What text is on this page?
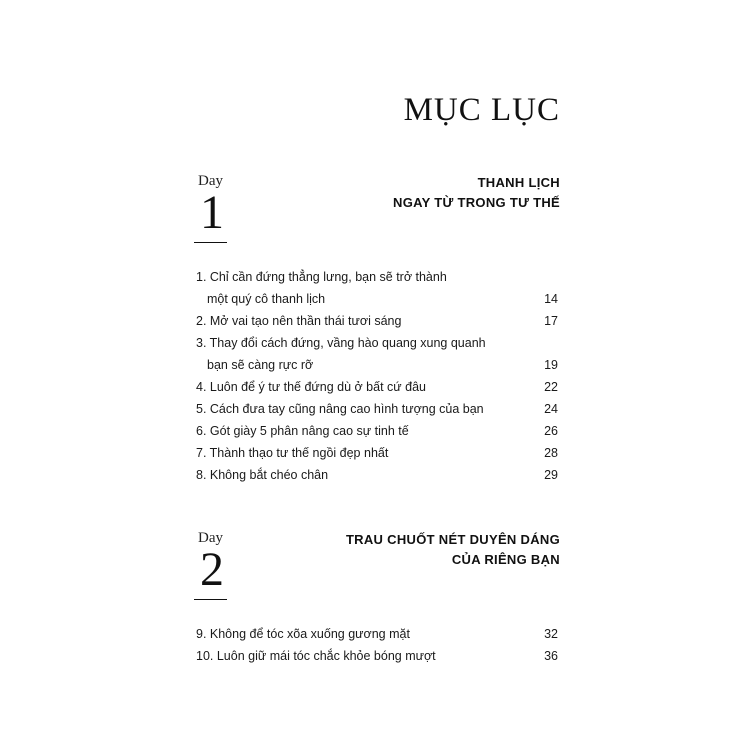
MỤC LỤC
Day
1
THANH LỊCH
NGAY TỪ TRONG TƯ THẾ
1. Chỉ cần đứng thẳng lưng, bạn sẽ trở thành
một quý cô thanh lịch	14
2. Mở vai tạo nên thần thái tươi sáng	17
3. Thay đổi cách đứng, vầng hào quang xung quanh
bạn sẽ càng rực rỡ	19
4. Luôn để ý tư thế đứng dù ở bất cứ đâu	22
5. Cách đưa tay cũng nâng cao hình tượng của bạn	24
6. Gót giày 5 phân nâng cao sự tinh tế	26
7. Thành thạo tư thế ngồi đẹp nhất	28
8. Không bắt chéo chân	29
Day
2
TRAU CHUỐT NÉT DUYÊN DÁNG
CỦA RIÊNG BẠN
9. Không để tóc xõa xuống gương mặt	32
10. Luôn giữ mái tóc chắc khỏe bóng mượt	36
